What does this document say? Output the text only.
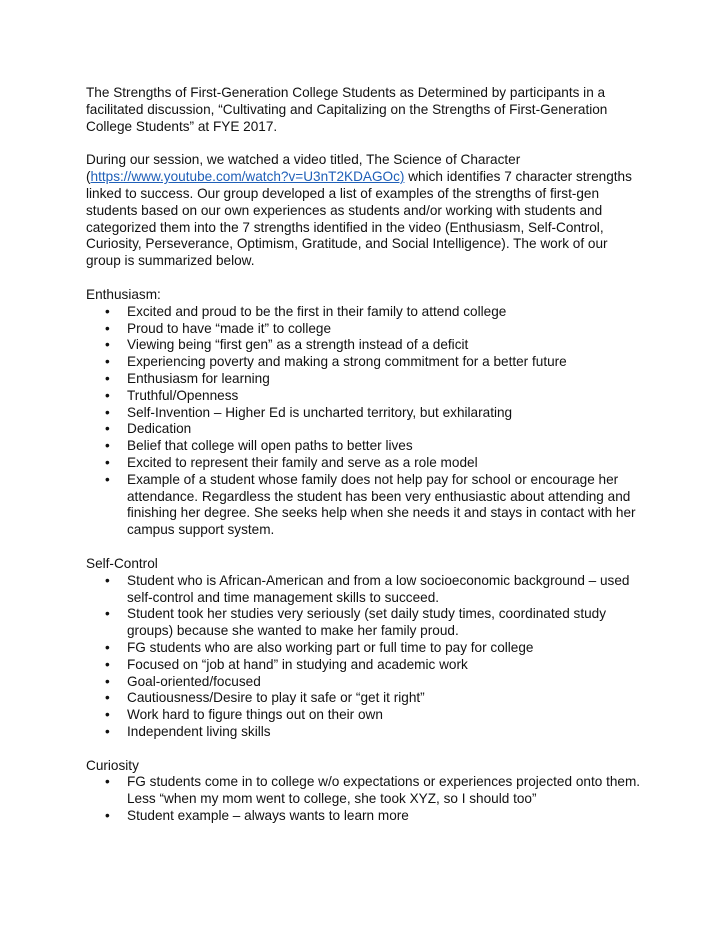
The Strengths of First-Generation College Students as Determined by participants in a facilitated discussion, “Cultivating and Capitalizing on the Strengths of First-Generation College Students” at FYE 2017.

During our session, we watched a video titled, The Science of Character (https://www.youtube.com/watch?v=U3nT2KDAGOc) which identifies 7 character strengths linked to success. Our group developed a list of examples of the strengths of first-gen students based on our own experiences as students and/or working with students and categorized them into the 7 strengths identified in the video (Enthusiasm, Self-Control, Curiosity, Perseverance, Optimism, Gratitude, and Social Intelligence). The work of our group is summarized below.

Enthusiasm:

• Excited and proud to be the first in their family to attend college
• Proud to have “made it” to college
• Viewing being “first gen” as a strength instead of a deficit
• Experiencing poverty and making a strong commitment for a better future
• Enthusiasm for learning
• Truthful/Openness
• Self-Invention – Higher Ed is uncharted territory, but exhilarating
• Dedication
• Belief that college will open paths to better lives
• Excited to represent their family and serve as a role model
• Example of a student whose family does not help pay for school or encourage her attendance. Regardless the student has been very enthusiastic about attending and finishing her degree. She seeks help when she needs it and stays in contact with her campus support system.

Self-Control

• Student who is African-American and from a low socioeconomic background – used self-control and time management skills to succeed.
• Student took her studies very seriously (set daily study times, coordinated study groups) because she wanted to make her family proud.
• FG students who are also working part or full time to pay for college
• Focused on “job at hand” in studying and academic work
• Goal-oriented/focused
• Cautiousness/Desire to play it safe or “get it right”
• Work hard to figure things out on their own
• Independent living skills

Curiosity

• FG students come in to college w/o expectations or experiences projected onto them. Less “when my mom went to college, she took XYZ, so I should too”
• Student example – always wants to learn more
